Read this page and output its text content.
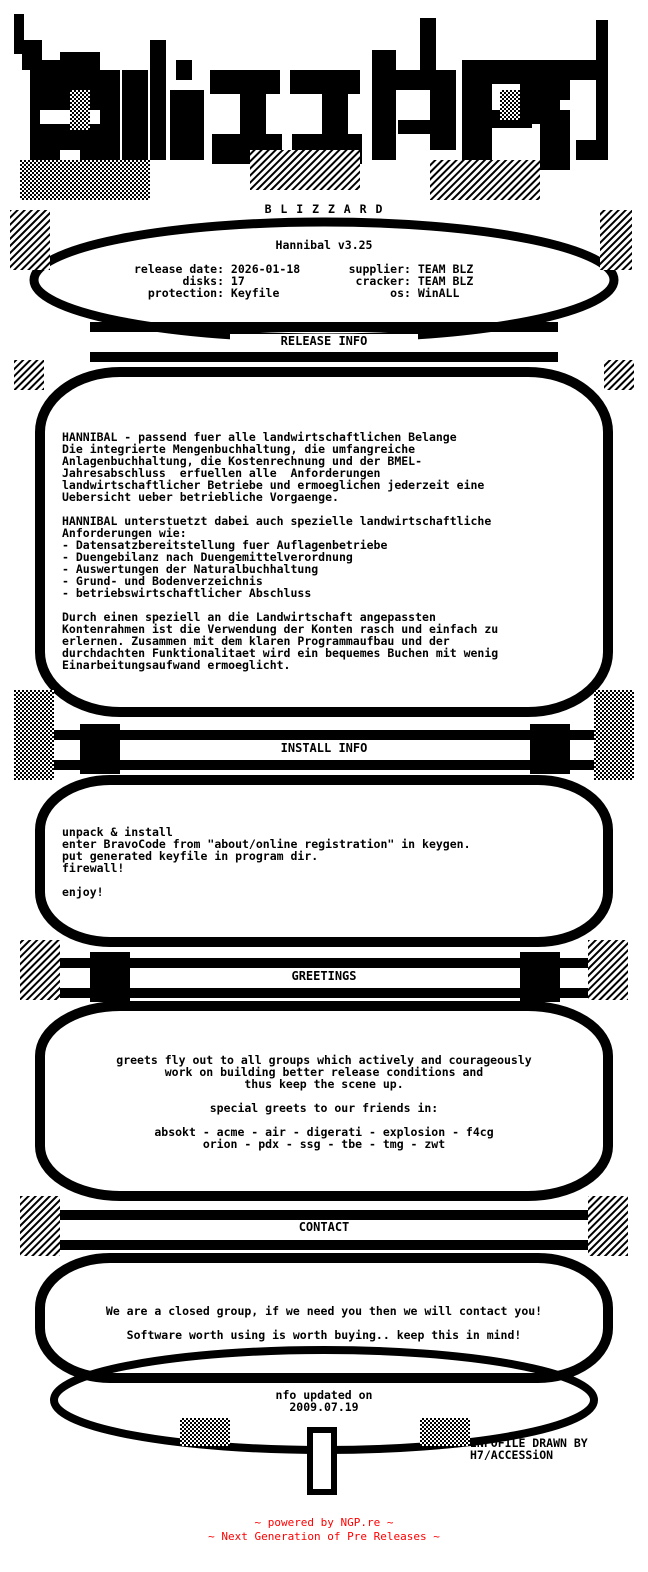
B L I Z Z A R D
Hannibal v3.25
release date: 2026-01-18       supplier: TEAM BLZ
disks: 17                cracker: TEAM BLZ
protection: Keyfile                os: WinALL
RELEASE INFO
HANNIBAL - passend fuer alle landwirtschaftlichen Belange
Die integrierte Mengenbuchhaltung, die umfangreiche
Anlagenbuchhaltung, die Kostenrechnung und der BMEL-
Jahresabschluss  erfuellen alle  Anforderungen
landwirtschaftlicher Betriebe und ermoeglichen jederzeit eine
Uebersicht ueber betriebliche Vorgaenge.
HANNIBAL unterstuetzt dabei auch spezielle landwirtschaftliche
Anforderungen wie:
- Datensatzbereitstellung fuer Auflagenbetriebe
- Duengebilanz nach Duengemittelverordnung
- Auswertungen der Naturalbuchhaltung
- Grund- und Bodenverzeichnis
- betriebswirtschaftlicher Abschluss
Durch einen speziell an die Landwirtschaft angepassten
Kontenrahmen ist die Verwendung der Konten rasch und einfach zu
erlernen. Zusammen mit dem klaren Programmaufbau und der
durchdachten Funktionalitaet wird ein bequemes Buchen mit wenig
Einarbeitungsaufwand ermoeglicht.
INSTALL INFO
unpack & install
enter BravoCode from "about/online registration" in keygen.
put generated keyfile in program dir.
firewall!

enjoy!
GREETINGS
greets fly out to all groups which actively and courageously
work on building better release conditions and
thus keep the scene up.
special greets to our friends in:
absokt - acme - air - digerati - explosion - f4cg
orion - pdx - ssg - tbe - tmg - zwt
CONTACT
We are a closed group, if we need you then we will contact you!
Software worth using is worth buying.. keep this in mind!
nfo updated on
2009.07.19
INFOFILE DRAWN BY
H7/ACCESSiON
~ powered by NGP.re ~
~ Next Generation of Pre Releases ~
